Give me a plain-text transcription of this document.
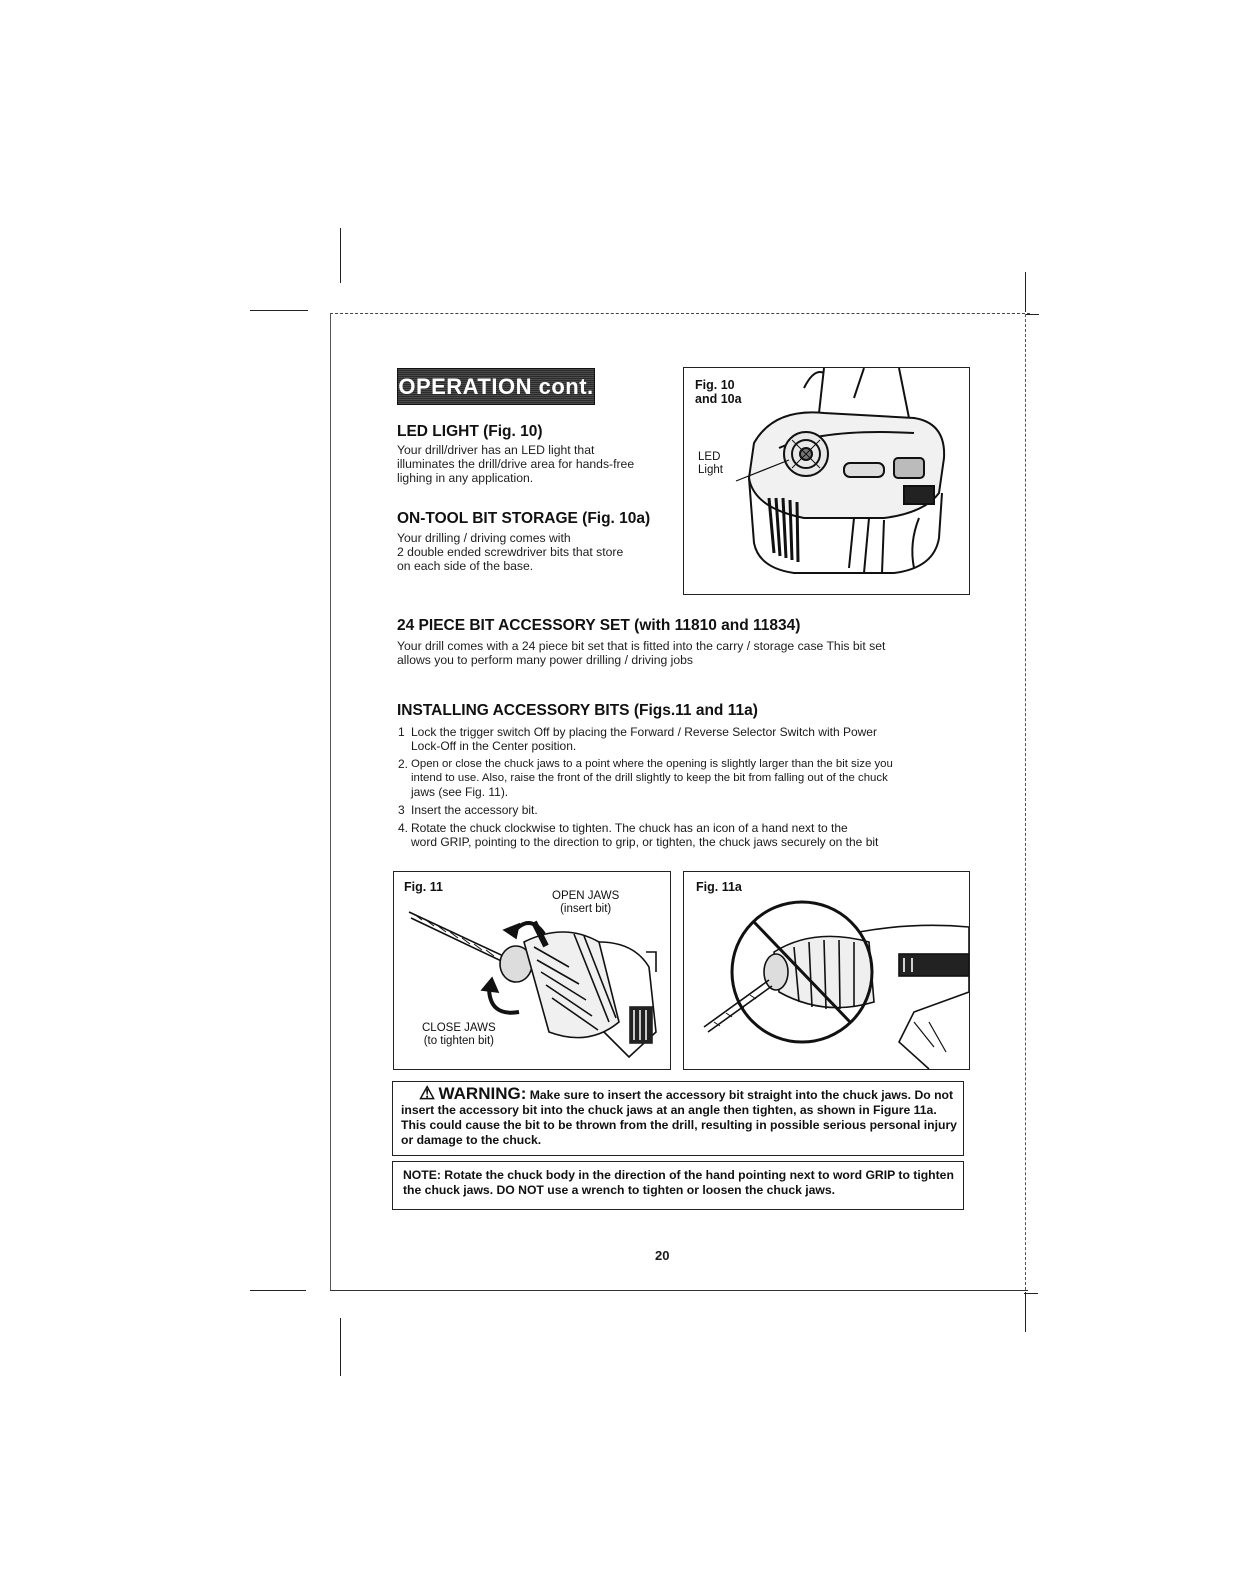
OPERATION cont.
LED LIGHT (Fig. 10)

Your drill/driver has an LED light that

illuminates the drill/drive area for hands-free

lighing in any application.

ON-TOOL BIT STORAGE (Fig. 10a)

Your drilling / driving comes with

2 double ended screwdriver bits that store

on each side of the base.

Fig. 10
and 10a
LED
Light
24 PIECE BIT ACCESSORY SET (with 11810 and 11834)

Your drill comes with a 24 piece bit set that is fitted into the carry / storage case This bit set

allows you to perform many power drilling / driving jobs

INSTALLING ACCESSORY BITS (Figs.11 and 11a)
1 Lock the trigger switch Off by placing the Forward / Reverse Selector Switch with Power
Lock-Off in the Center position.
2. Open or close the chuck jaws to a point where the opening is slightly larger than the bit size you
intend to use. Also, raise the front of the drill slightly to keep the bit from falling out of the chuck
jaws (see Fig. 11).
3 Insert the accessory bit.
4. Rotate the chuck clockwise to tighten. The chuck has an icon of a hand next to the
word GRIP, pointing to the direction to grip, or tighten, the chuck jaws securely on the bit
Fig. 11
OPEN JAWS
(insert bit)
CLOSE JAWS
(to tighten bit)
Fig. 11a
⚠ WARNING: Make sure to insert the accessory bit straight into the chuck jaws. Do not insert the accessory bit into the chuck jaws at an angle then tighten, as shown in Figure 11a. This could cause the bit to be thrown from the drill, resulting in possible serious personal injury or damage to the chuck.
NOTE: Rotate the chuck body in the direction of the hand pointing next to word GRIP to tighten the chuck jaws. DO NOT use a wrench to tighten or loosen the chuck jaws.
20
